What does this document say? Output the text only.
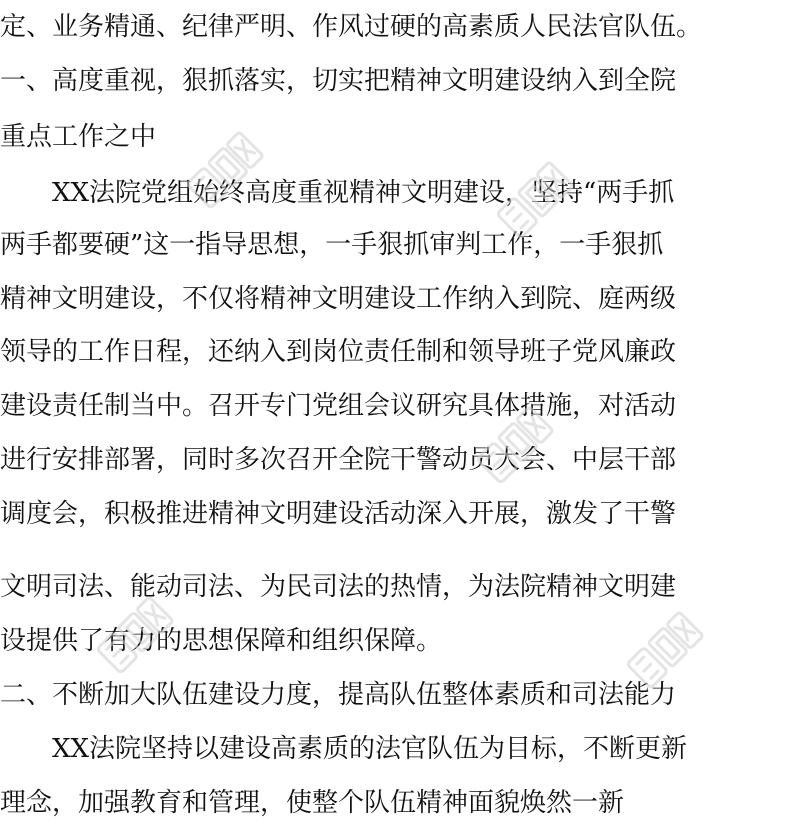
定、业务精通、纪律严明、作风过硬的高素质人民法官队伍。

一、高度重视，狠抓落实，切实把精神文明建设纳入到全院

重点工作之中

　　XX法院党组始终高度重视精神文明建设，坚持“两手抓

两手都要硬”这一指导思想，一手狠抓审判工作，一手狠抓

精神文明建设，不仅将精神文明建设工作纳入到院、庭两级

领导的工作日程，还纳入到岗位责任制和领导班子党风廉政

建设责任制当中。召开专门党组会议研究具体措施，对活动

进行安排部署，同时多次召开全院干警动员大会、中层干部

调度会，积极推进精神文明建设活动深入开展，激发了干警

文明司法、能动司法、为民司法的热情，为法院精神文明建

设提供了有力的思想保障和组织保障。

二、不断加大队伍建设力度，提高队伍整体素质和司法能力

　　XX法院坚持以建设高素质的法官队伍为目标，不断更新

理念，加强教育和管理，使整个队伍精神面貌焕然一新
